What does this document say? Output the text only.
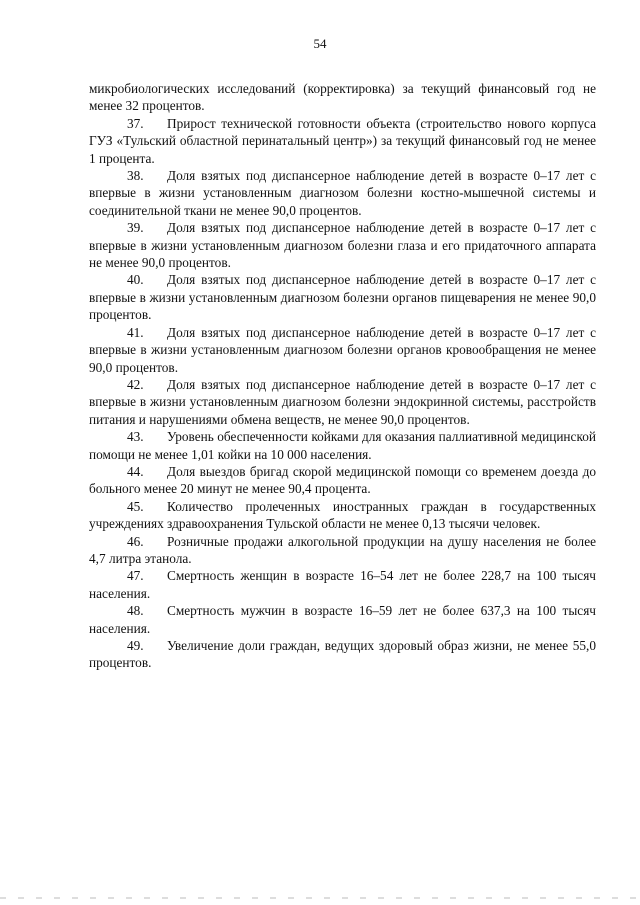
54

микробиологических исследований (корректировка) за текущий финансовый год не менее 32 процентов.

37. Прирост технической готовности объекта (строительство нового корпуса ГУЗ «Тульский областной перинатальный центр») за текущий финансовый год не менее 1 процента.

38. Доля взятых под диспансерное наблюдение детей в возрасте 0–17 лет с впервые в жизни установленным диагнозом болезни костно-мышечной системы и соединительной ткани не менее 90,0 процентов.

39. Доля взятых под диспансерное наблюдение детей в возрасте 0–17 лет с впервые в жизни установленным диагнозом болезни глаза и его придаточного аппарата не менее 90,0 процентов.

40. Доля взятых под диспансерное наблюдение детей в возрасте 0–17 лет с впервые в жизни установленным диагнозом болезни органов пищеварения не менее 90,0 процентов.

41. Доля взятых под диспансерное наблюдение детей в возрасте 0–17 лет с впервые в жизни установленным диагнозом болезни органов кровообращения не менее 90,0 процентов.

42. Доля взятых под диспансерное наблюдение детей в возрасте 0–17 лет с впервые в жизни установленным диагнозом болезни эндокринной системы, расстройств питания и нарушениями обмена веществ, не менее 90,0 процентов.

43. Уровень обеспеченности койками для оказания паллиативной медицинской помощи не менее 1,01 койки на 10 000 населения.

44. Доля выездов бригад скорой медицинской помощи со временем доезда до больного менее 20 минут не менее 90,4 процента.

45. Количество пролеченных иностранных граждан в государственных учреждениях здравоохранения Тульской области не менее 0,13 тысячи человек.

46. Розничные продажи алкогольной продукции на душу населения не более 4,7 литра этанола.

47. Смертность женщин в возрасте 16–54 лет не более 228,7 на 100 тысяч населения.

48. Смертность мужчин в возрасте 16–59 лет не более 637,3 на 100 тысяч населения.

49. Увеличение доли граждан, ведущих здоровый образ жизни, не менее 55,0 процентов.
